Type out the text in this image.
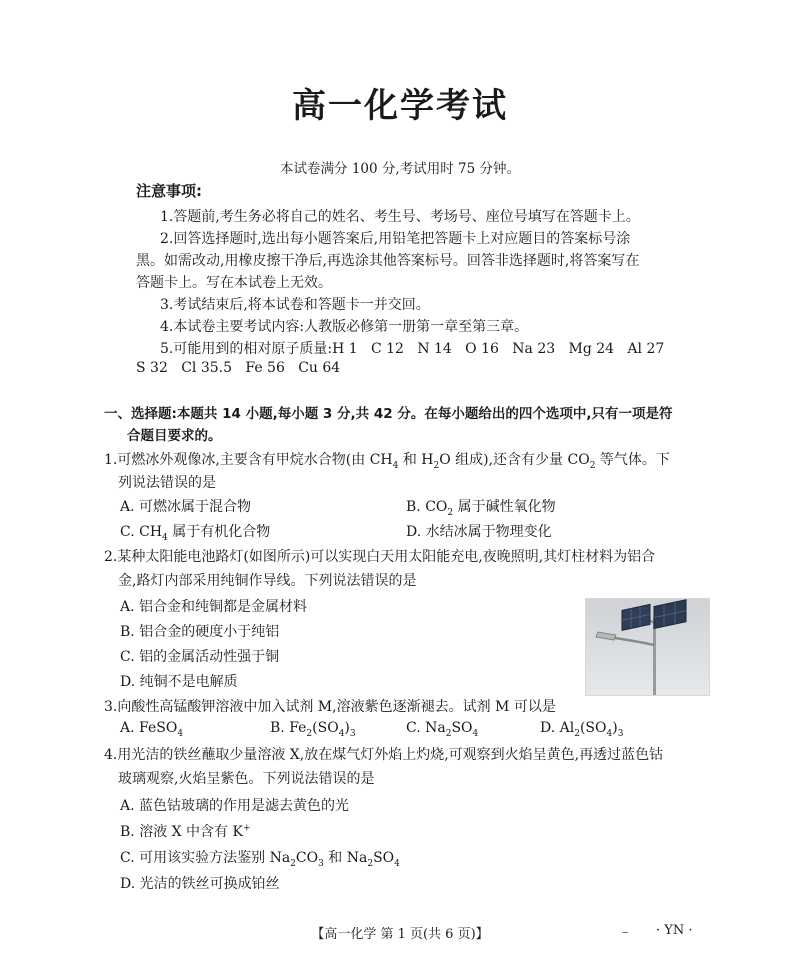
高一化学考试
本试卷满分 100 分,考试用时 75 分钟。
注意事项:
1.答题前,考生务必将自己的姓名、考生号、考场号、座位号填写在答题卡上。
2.回答选择题时,选出每小题答案后,用铅笔把答题卡上对应题目的答案标号涂
黑。如需改动,用橡皮擦干净后,再选涂其他答案标号。回答非选择题时,将答案写在
答题卡上。写在本试卷上无效。
3.考试结束后,将本试卷和答题卡一并交回。
4.本试卷主要考试内容:人教版必修第一册第一章至第三章。
5.可能用到的相对原子质量:H 1   C 12   N 14   O 16   Na 23   Mg 24   Al 27
S 32   Cl 35.5   Fe 56   Cu 64
一、选择题:本题共 14 小题,每小题 3 分,共 42 分。在每小题给出的四个选项中,只有一项是符
合题目要求的。
1.可燃冰外观像冰,主要含有甲烷水合物(由 $CH_4$ 和 $H_2O$ 组成),还含有少量 $CO_2$ 等气体。下
列说法错误的是
A. 可燃冰属于混合物	B. $CO_2$ 属于碱性氧化物
C. $CH_4$ 属于有机化合物	D. 水结冰属于物理变化
2.某种太阳能电池路灯(如图所示)可以实现白天用太阳能充电,夜晚照明,其灯柱材料为铝合
金,路灯内部采用纯铜作导线。下列说法错误的是
A. 铝合金和纯铜都是金属材料
B. 铝合金的硬度小于纯铝
C. 铝的金属活动性强于铜
D. 纯铜不是电解质
3.向酸性高锰酸钾溶液中加入试剂 M,溶液紫色逐渐褪去。试剂 M 可以是
A. FeSO$_4$	B. $Fe_2(SO_4)_3$	C. $Na_2SO_4$	D. $Al_2(SO_4)_3$
4.用光洁的铁丝蘸取少量溶液 X,放在煤气灯外焰上灼烧,可观察到火焰呈黄色,再透过蓝色钴
玻璃观察,火焰呈紫色。下列说法错误的是
A. 蓝色钴玻璃的作用是滤去黄色的光
B. 溶液 X 中含有 K+
C. 可用该实验方法鉴别 $Na_2CO_3$ 和 $Na_2SO_4$
D. 光洁的铁丝可换成铂丝
【高一化学 第 1 页(共 6 页)】	‒ · YN ·
